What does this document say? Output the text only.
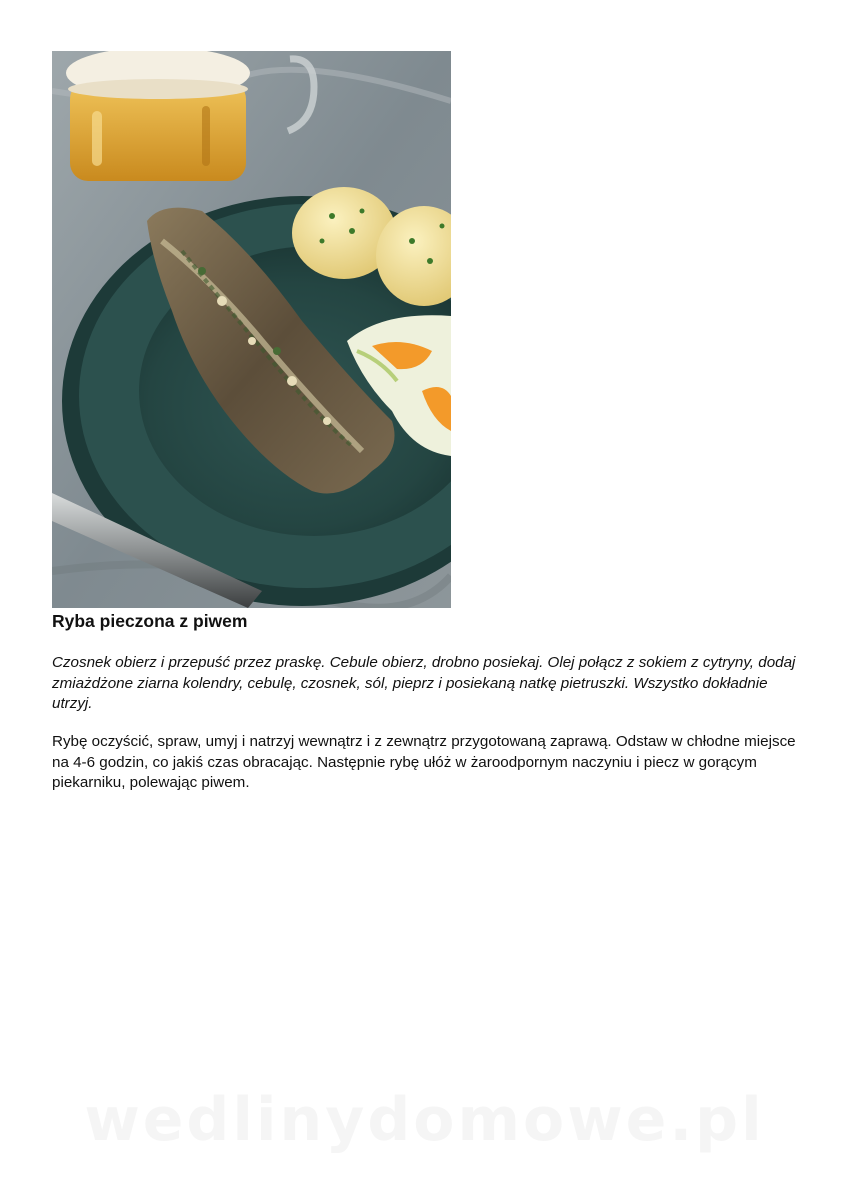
Ryba pieczona z piwem

Czosnek obierz i przepuść przez praskę. Cebule obierz, drobno posiekaj. Olej połącz z sokiem z cytryny, dodaj zmiażdżone ziarna kolendry, cebulę, czosnek, sól, pieprz i posiekaną natkę pietruszki. Wszystko dokładnie utrzyj.

Rybę oczyścić, spraw, umyj i natrzyj wewnątrz i z zewnątrz przygotowaną zaprawą. Odstaw w chłodne miejsce na 4-6 godzin, co jakiś czas obracając. Następnie rybę ułóż w żaroodpornym naczyniu i piecz w gorącym piekarniku, polewając piwem.

wedlinydomowe.pl
